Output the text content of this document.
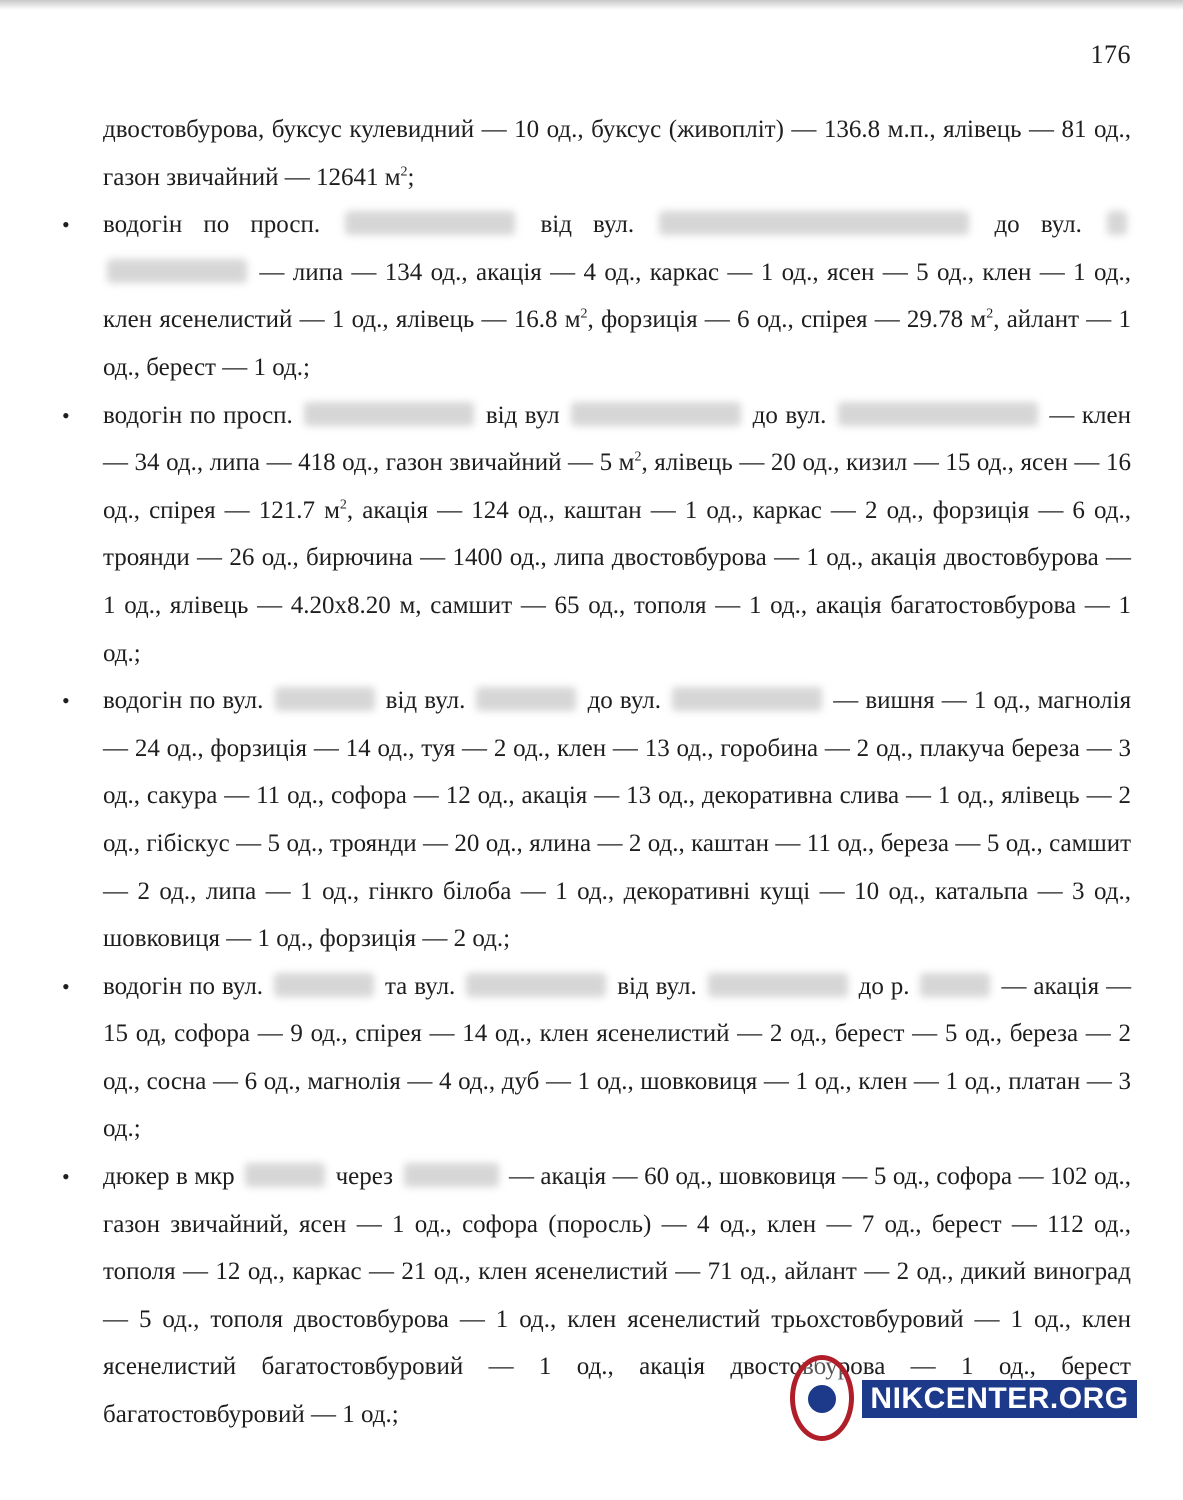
176

двостовбурова, буксус кулевидний — 10 од., буксус (живопліт) — 136.8 м.п., ялівець — 81 од., газон звичайний — 12641 $м^2$;

• водогін по просп.	від вул.	до вул.   — липа — 134 од., акація — 4 од., каркас — 1 од., ясен — 5 од., клен — 1 од., клен ясенелистий — 1 од., ялівець — 16.8 $м^2$, форзиція — 6 од., спірея — 29.78 $м^2$, айлант — 1 од., берест — 1 од.;

• водогін по просп.	від вул	до вул.	— клен — 34 од., липа — 418 од., газон звичайний — 5 $м^2$, ялівець — 20 од., кизил — 15 од., ясен — 16 од., спірея — 121.7 $м^2$, акація — 124 од., каштан — 1 од., каркас — 2 од., форзиція — 6 од., троянди — 26 од., бирючина — 1400 од., липа двостовбурова — 1 од., акація двостовбурова — 1 од., ялівець — 4.20х8.20 м, самшит — 65 од., тополя — 1 од., акація багатостовбурова — 1 од.;

• водогін по вул.	від вул.	до вул.	— вишня — 1 од., магнолія — 24 од., форзиція — 14 од., туя — 2 од., клен — 13 од., горобина — 2 од., плакуча береза — 3 од., сакура — 11 од., софора — 12 од., акація — 13 од., декоративна слива — 1 од., ялівець — 2 од., гібіскус — 5 од., троянди — 20 од., ялина — 2 од., каштан — 11 од., береза — 5 од., самшит — 2 од., липа — 1 од., гінкго білоба — 1 од., декоративні кущі — 10 од., катальпа — 3 од., шовковиця — 1 од., форзиція — 2 од.;

• водогін по вул.	та вул.	від вул.	до р.	— акація — 15 од, софора — 9 од., спірея — 14 од., клен ясенелистий — 2 од., берест — 5 од., береза — 2 од., сосна — 6 од., магнолія — 4 од., дуб — 1 од., шовковиця — 1 од., клен — 1 од., платан — 3 од.;

• дюкер в мкр	через	— акація — 60 од., шовковиця — 5 од., софора — 102 од., газон звичайний, ясен — 1 од., софора (поросль) — 4 од., клен — 7 од., берест — 112 од., тополя — 12 од., каркас — 21 од., клен ясенелистий — 71 од., айлант — 2 од., дикий виноград — 5 од., тополя двостовбурова — 1 од., клен ясенелистий трьохстовбуровий — 1 од., клен ясенелистий багатостовбуровий — 1 од., акація двостовбурова — 1 од., берест багатостовбуровий — 1 од.;	NIKCENTER.ORG
